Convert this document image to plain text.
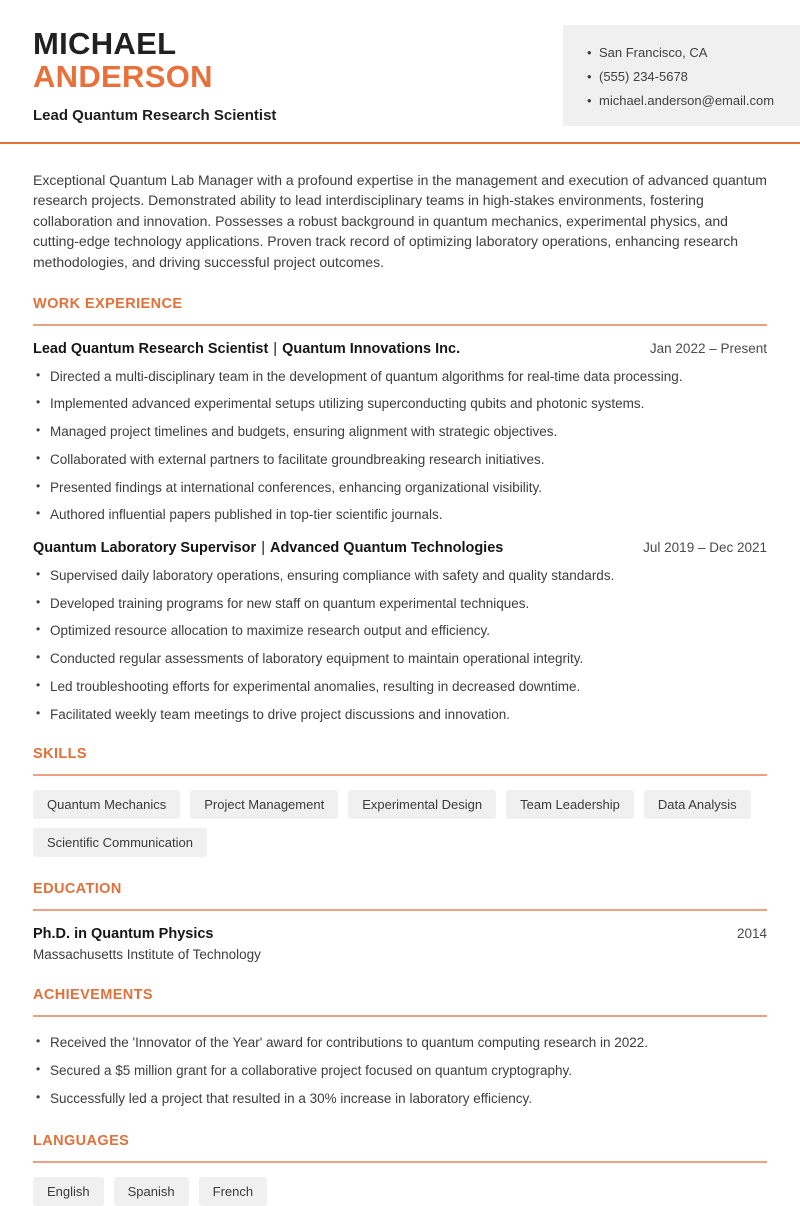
MICHAEL
ANDERSON
Lead Quantum Research Scientist
• San Francisco, CA
• (555) 234-5678
• michael.anderson@email.com

Exceptional Quantum Lab Manager with a profound expertise in the management and execution of advanced quantum research projects. Demonstrated ability to lead interdisciplinary teams in high-stakes environments, fostering collaboration and innovation. Possesses a robust background in quantum mechanics, experimental physics, and cutting-edge technology applications. Proven track record of optimizing laboratory operations, enhancing research methodologies, and driving successful project outcomes.

WORK EXPERIENCE
Lead Quantum Research Scientist | Quantum Innovations Inc.	Jan 2022 – Present
• Directed a multi-disciplinary team in the development of quantum algorithms for real-time data processing.
• Implemented advanced experimental setups utilizing superconducting qubits and photonic systems.
• Managed project timelines and budgets, ensuring alignment with strategic objectives.
• Collaborated with external partners to facilitate groundbreaking research initiatives.
• Presented findings at international conferences, enhancing organizational visibility.
• Authored influential papers published in top-tier scientific journals.
Quantum Laboratory Supervisor | Advanced Quantum Technologies	Jul 2019 – Dec 2021
• Supervised daily laboratory operations, ensuring compliance with safety and quality standards.
• Developed training programs for new staff on quantum experimental techniques.
• Optimized resource allocation to maximize research output and efficiency.
• Conducted regular assessments of laboratory equipment to maintain operational integrity.
• Led troubleshooting efforts for experimental anomalies, resulting in decreased downtime.
• Facilitated weekly team meetings to drive project discussions and innovation.
SKILLS
Quantum Mechanics	Project Management	Experimental Design	Team Leadership	Data Analysis
Scientific Communication
EDUCATION
Ph.D. in Quantum Physics	2014
Massachusetts Institute of Technology
ACHIEVEMENTS
• Received the 'Innovator of the Year' award for contributions to quantum computing research in 2022.
• Secured a $5 million grant for a collaborative project focused on quantum cryptography.
• Successfully led a project that resulted in a 30% increase in laboratory efficiency.
LANGUAGES
English	Spanish	French
